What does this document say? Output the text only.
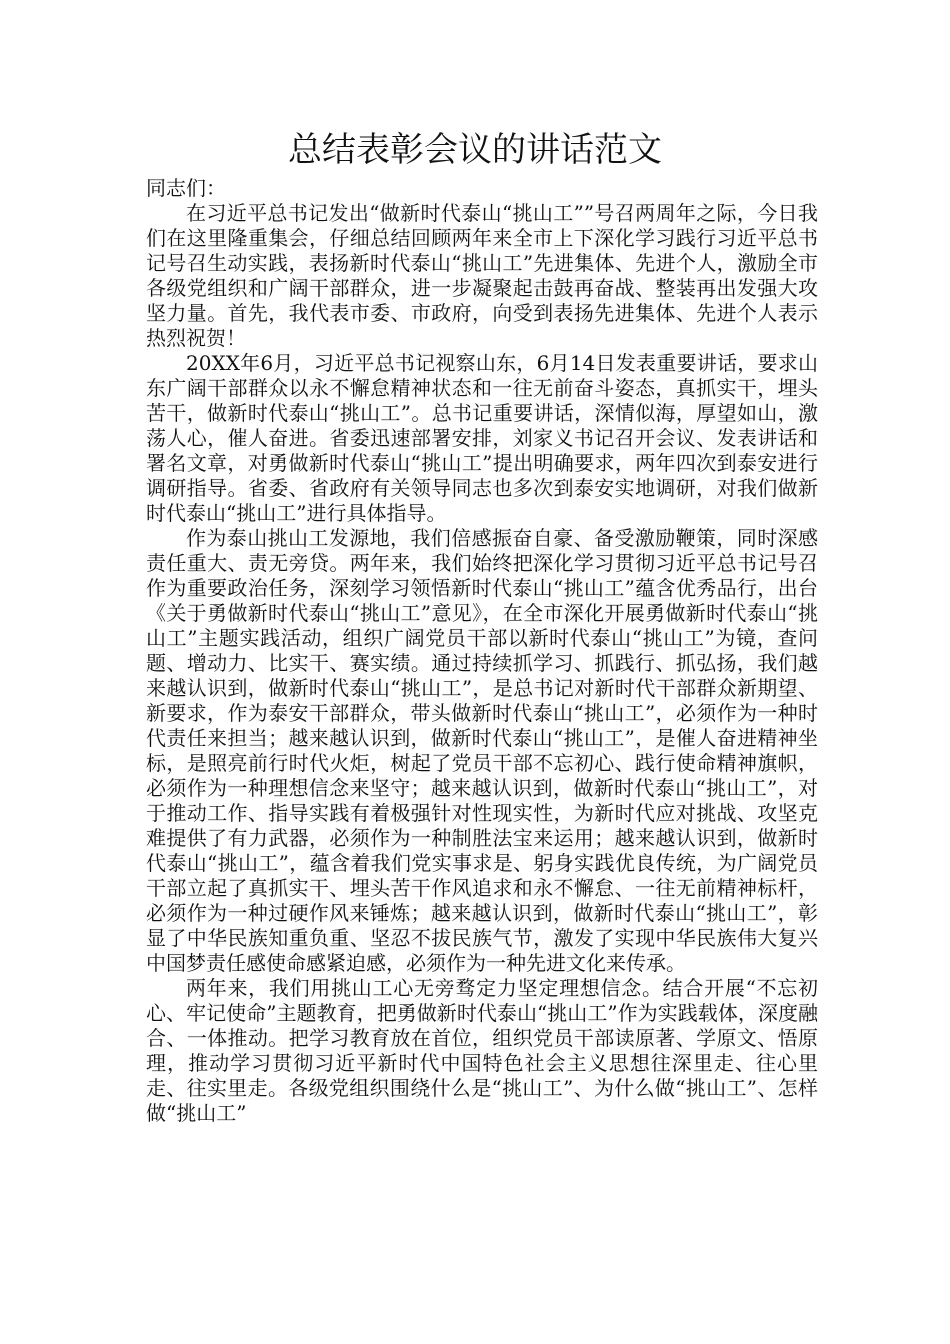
总结表彰会议的讲话范文

同志们：

在习近平总书记发出“做新时代泰山“挑山工””号召两周年之际，今日我们在这里隆重集会，仔细总结回顾两年来全市上下深化学习践行习近平总书记号召生动实践，表扬新时代泰山“挑山工”先进集体、先进个人，激励全市各级党组织和广阔干部群众，进一步凝聚起击鼓再奋战、整装再出发强大攻坚力量。首先，我代表市委、市政府，向受到表扬先进集体、先进个人表示热烈祝贺！

20XX年6月，习近平总书记视察山东，6月14日发表重要讲话，要求山东广阔干部群众以永不懈怠精神状态和一往无前奋斗姿态，真抓实干，埋头苦干，做新时代泰山“挑山工”。总书记重要讲话，深情似海，厚望如山，激荡人心，催人奋进。省委迅速部署安排，刘家义书记召开会议、发表讲话和署名文章，对勇做新时代泰山“挑山工”提出明确要求，两年四次到泰安进行调研指导。省委、省政府有关领导同志也多次到泰安实地调研，对我们做新时代泰山“挑山工”进行具体指导。

作为泰山挑山工发源地，我们倍感振奋自豪、备受激励鞭策，同时深感责任重大、责无旁贷。两年来，我们始终把深化学习贯彻习近平总书记号召作为重要政治任务，深刻学习领悟新时代泰山“挑山工”蕴含优秀品行，出台《关于勇做新时代泰山“挑山工”意见》，在全市深化开展勇做新时代泰山“挑山工”主题实践活动，组织广阔党员干部以新时代泰山“挑山工”为镜，查问题、增动力、比实干、赛实绩。通过持续抓学习、抓践行、抓弘扬，我们越来越认识到，做新时代泰山“挑山工”，是总书记对新时代干部群众新期望、新要求，作为泰安干部群众，带头做新时代泰山“挑山工”，必须作为一种时代责任来担当；越来越认识到，做新时代泰山“挑山工”，是催人奋进精神坐标，是照亮前行时代火炬，树起了党员干部不忘初心、践行使命精神旗帜，必须作为一种理想信念来坚守；越来越认识到，做新时代泰山“挑山工”，对于推动工作、指导实践有着极强针对性现实性，为新时代应对挑战、攻坚克难提供了有力武器，必须作为一种制胜法宝来运用；越来越认识到，做新时代泰山“挑山工”，蕴含着我们党实事求是、躬身实践优良传统，为广阔党员干部立起了真抓实干、埋头苦干作风追求和永不懈怠、一往无前精神标杆，必须作为一种过硬作风来锤炼；越来越认识到，做新时代泰山“挑山工”，彰显了中华民族知重负重、坚忍不拔民族气节，激发了实现中华民族伟大复兴中国梦责任感使命感紧迫感，必须作为一种先进文化来传承。

两年来，我们用挑山工心无旁骛定力坚定理想信念。结合开展“不忘初心、牢记使命”主题教育，把勇做新时代泰山“挑山工”作为实践载体，深度融合、一体推动。把学习教育放在首位，组织党员干部读原著、学原文、悟原理，推动学习贯彻习近平新时代中国特色社会主义思想往深里走、往心里走、往实里走。各级党组织围绕什么是“挑山工”、为什么做“挑山工”、怎样做“挑山工”
